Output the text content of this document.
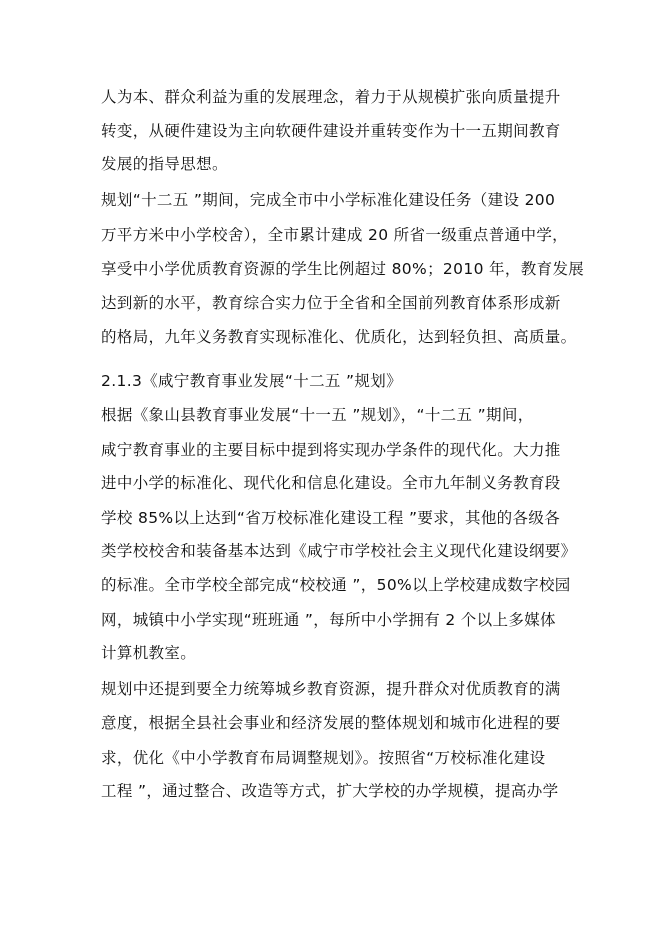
人为本、群众利益为重的发展理念，着力于从规模扩张向质量提升
转变，从硬件建设为主向软硬件建设并重转变作为十一五期间教育
发展的指导思想。
规划“十二五 ”期间，完成全市中小学标准化建设任务（建设 200
万平方米中小学校舍），全市累计建成 20 所省一级重点普通中学，
享受中小学优质教育资源的学生比例超过 80%；2010 年，教育发展
达到新的水平，教育综合实力位于全省和全国前列教育体系形成新
的格局，九年义务教育实现标准化、优质化，达到轻负担、高质量。
2.1.3《咸宁教育事业发展“十二五 ”规划》
根据《象山县教育事业发展“十一五 ”规划》，“十二五 ”期间，
咸宁教育事业的主要目标中提到将实现办学条件的现代化。大力推
进中小学的标准化、现代化和信息化建设。全市九年制义务教育段
学校 85%以上达到“省万校标准化建设工程 ”要求，其他的各级各
类学校校舍和装备基本达到《咸宁市学校社会主义现代化建设纲要》
的标准。全市学校全部完成“校校通 ”，50%以上学校建成数字校园
网，城镇中小学实现“班班通 ”，每所中小学拥有 2 个以上多媒体
计算机教室。
规划中还提到要全力统筹城乡教育资源，提升群众对优质教育的满
意度，根据全县社会事业和经济发展的整体规划和城市化进程的要
求，优化《中小学教育布局调整规划》。按照省“万校标准化建设
工程 ”，通过整合、改造等方式，扩大学校的办学规模，提高办学
